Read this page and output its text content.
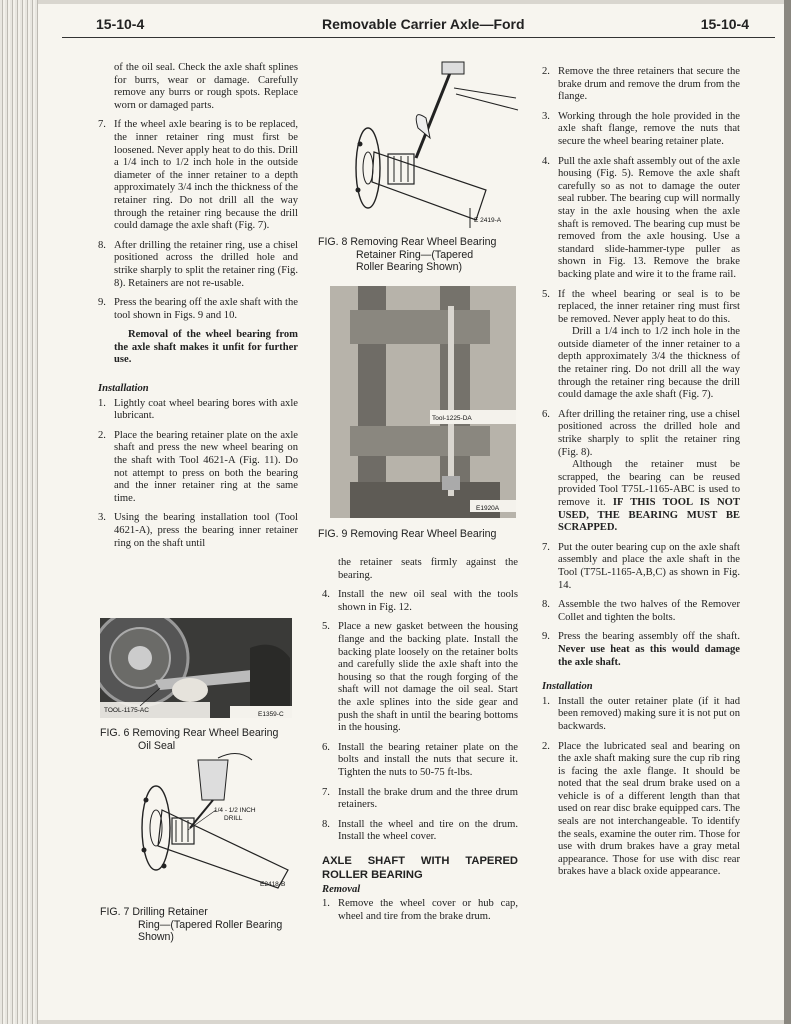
15-10-4	Removable Carrier Axle—Ford	15-10-4

of the oil seal. Check the axle shaft splines for burrs, wear or damage. Carefully remove any burrs or rough spots. Replace worn or damaged parts.

7. If the wheel axle bearing is to be replaced, the inner retainer ring must first be loosened. Never apply heat to do this. Drill a 1/4 inch to 1/2 inch hole in the outside diameter of the inner retainer to a depth approximately 3/4 inch the thickness of the retainer ring. Do not drill all the way through the retainer ring because the drill could damage the axle shaft (Fig. 7).
8. After drilling the retainer ring, use a chisel positioned across the drilled hole and strike sharply to split the retainer ring (Fig. 8). Retainers are not re-usable.
9. Press the bearing off the axle shaft with the tool shown in Figs. 9 and 10.

Removal of the wheel bearing from the axle shaft makes it unfit for further use.

Installation

1. Lightly coat wheel bearing bores with axle lubricant.
2. Place the bearing retainer plate on the axle shaft and press the new wheel bearing on the shaft with Tool 4621-A (Fig. 11). Do not attempt to press on both the bearing and the inner retainer ring at the same time.
3. Using the bearing installation tool (Tool 4621-A), press the bearing inner retainer ring on the shaft until
TOOL-1175-AC
E1359-C
FIG. 6 Removing Rear Wheel Bearing
Oil Seal
1/4 - 1/2 INCH
DRILL
E2418-B
FIG. 7 Drilling Retainer
Ring—(Tapered Roller Bearing
Shown)
E 2419-A
FIG. 8 Removing Rear Wheel Bearing
Retainer Ring—(Tapered
Roller Bearing Shown)
Tool-1225-DA
E1920A
FIG. 9 Removing Rear Wheel Bearing

the retainer seats firmly against the bearing.

4. Install the new oil seal with the tools shown in Fig. 12.
5. Place a new gasket between the housing flange and the backing plate. Install the backing plate loosely on the retainer bolts and carefully slide the axle shaft into the housing so that the rough forging of the shaft will not damage the oil seal. Start the axle splines into the side gear and push the shaft in until the bearing bottoms in the housing.
6. Install the bearing retainer plate on the bolts and install the nuts that secure it. Tighten the nuts to 50-75 ft-lbs.
7. Install the brake drum and the three drum retainers.
8. Install the wheel and tire on the drum. Install the wheel cover.
AXLE SHAFT WITH TAPERED ROLLER BEARING

Removal

1. Remove the wheel cover or hub cap, wheel and tire from the brake drum.
2. Remove the three retainers that secure the brake drum and remove the drum from the flange.
3. Working through the hole provided in the axle shaft flange, remove the nuts that secure the wheel bearing retainer plate.
4. Pull the axle shaft assembly out of the axle housing (Fig. 5). Remove the axle shaft carefully so as not to damage the outer seal rubber. The bearing cup will normally stay in the axle housing when the axle shaft is removed. The bearing cup must be removed from the axle housing. Use a standard slide-hammer-type puller as shown in Fig. 13. Remove the brake backing plate and wire it to the frame rail.
5. If the wheel bearing or seal is to be replaced, the inner retainer ring must first be removed. Never apply heat to do this.

Drill a 1/4 inch to 1/2 inch hole in the outside diameter of the inner retainer to a depth approximately 3/4 the thickness of the retainer ring. Do not drill all the way through the retainer ring because the drill could damage the axle shaft (Fig. 7).
6. After drilling the retainer ring, use a chisel positioned across the drilled hole and strike sharply to split the retainer ring (Fig. 8).
Although the retainer must be scrapped, the bearing can be reused provided Tool T75L-1165-ABC is used to remove it. IF THIS TOOL IS NOT USED, THE BEARING MUST BE SCRAPPED.
7. Put the outer bearing cup on the axle shaft assembly and place the axle shaft in the Tool (T75L-1165-A,B,C) as shown in Fig. 14.
8. Assemble the two halves of the Remover Collet and tighten the bolts.
9. Press the bearing assembly off the shaft. Never use heat as this would damage the axle shaft.

Installation

1. Install the outer retainer plate (if it had been removed) making sure it is not put on backwards.
2. Place the lubricated seal and bearing on the axle shaft making sure the cup rib ring is facing the axle flange. It should be noted that the seal drum brake used on a vehicle is of a different length than that used on rear disc brake equipped cars. The seals are not interchangeable. To identify the seals, examine the outer rim. Those for use with drum brakes have a gray metal appearance. Those for use with disc rear brakes have a black oxide appearance.
